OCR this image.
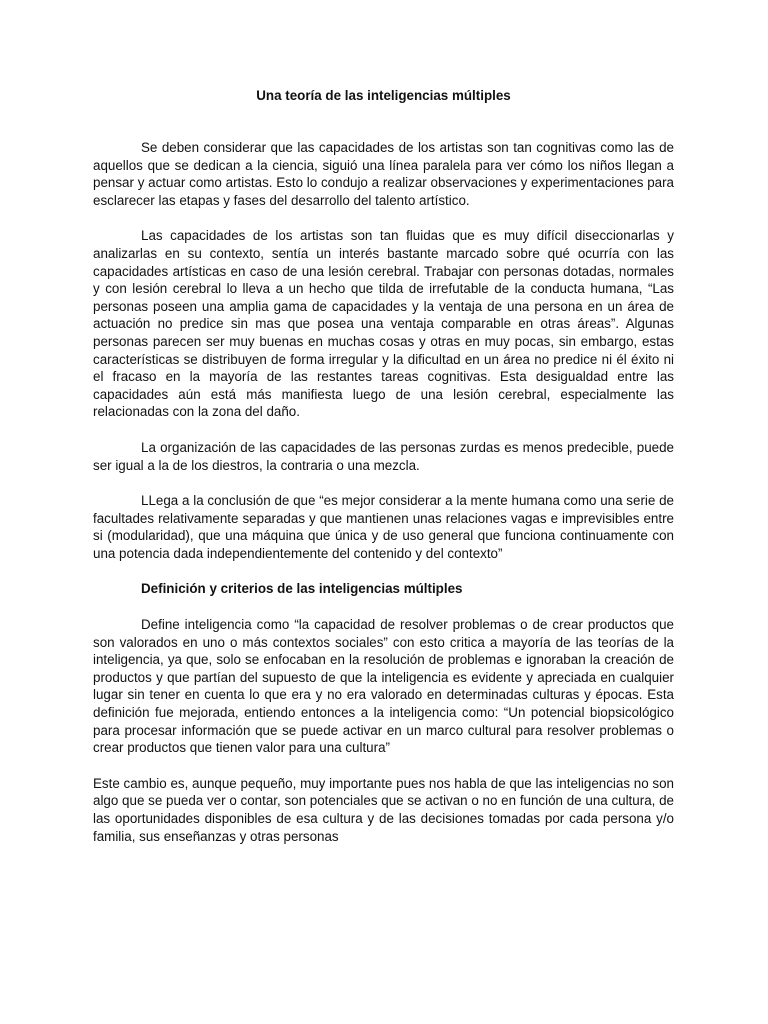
Una teoría de las inteligencias múltiples

Se deben considerar que las capacidades de los artistas son tan cognitivas como las de aquellos que se dedican a la ciencia, siguió una línea paralela para ver cómo los niños llegan a pensar y actuar como artistas. Esto lo condujo a realizar observaciones y experimentaciones para esclarecer las etapas y fases del desarrollo del talento artístico.

Las capacidades de los artistas son tan fluidas que es muy difícil diseccionarlas y analizarlas en su contexto, sentía un interés bastante marcado sobre qué ocurría con las capacidades artísticas en caso de una lesión cerebral. Trabajar con personas dotadas, normales y con lesión cerebral lo lleva a un hecho que tilda de irrefutable de la conducta humana, “Las personas poseen una amplia gama de capacidades y la ventaja de una persona en un área de actuación no predice sin mas que posea una ventaja comparable en otras áreas”. Algunas personas parecen ser muy buenas en muchas cosas y otras en muy pocas, sin embargo, estas características se distribuyen de forma irregular y la dificultad en un área no predice ni él éxito ni el fracaso en la mayoría de las restantes tareas cognitivas. Esta desigualdad entre las capacidades aún está más manifiesta luego de una lesión cerebral, especialmente las relacionadas con la zona del daño.

La organización de las capacidades de las personas zurdas es menos predecible, puede ser igual a la de los diestros, la contraria o una mezcla.

LLega a la conclusión de que “es mejor considerar a la mente humana como una serie de facultades relativamente separadas y que mantienen unas relaciones vagas e imprevisibles entre si (modularidad), que una máquina que única y de uso general que funciona continuamente con una potencia dada independientemente del contenido y del contexto”

Definición y criterios de las inteligencias múltiples

Define inteligencia como “la capacidad de resolver problemas o de crear productos que son valorados en uno o más contextos sociales” con esto critica a mayoría de las teorías de la inteligencia, ya que, solo se enfocaban en la resolución de problemas e ignoraban la creación de productos y que partían del supuesto de que la inteligencia es evidente y apreciada en cualquier lugar sin tener en cuenta lo que era y no era valorado en determinadas culturas y épocas. Esta definición fue mejorada, entiendo entonces a la inteligencia como: “Un potencial biopsicológico para procesar información que se puede activar en un marco cultural para resolver problemas o crear productos que tienen valor para una cultura”

Este cambio es, aunque pequeño, muy importante pues nos habla de que las inteligencias no son algo que se pueda ver o contar, son potenciales que se activan o no en función de una cultura, de las oportunidades disponibles de esa cultura y de las decisiones tomadas por cada persona y/o familia, sus enseñanzas y otras personas
